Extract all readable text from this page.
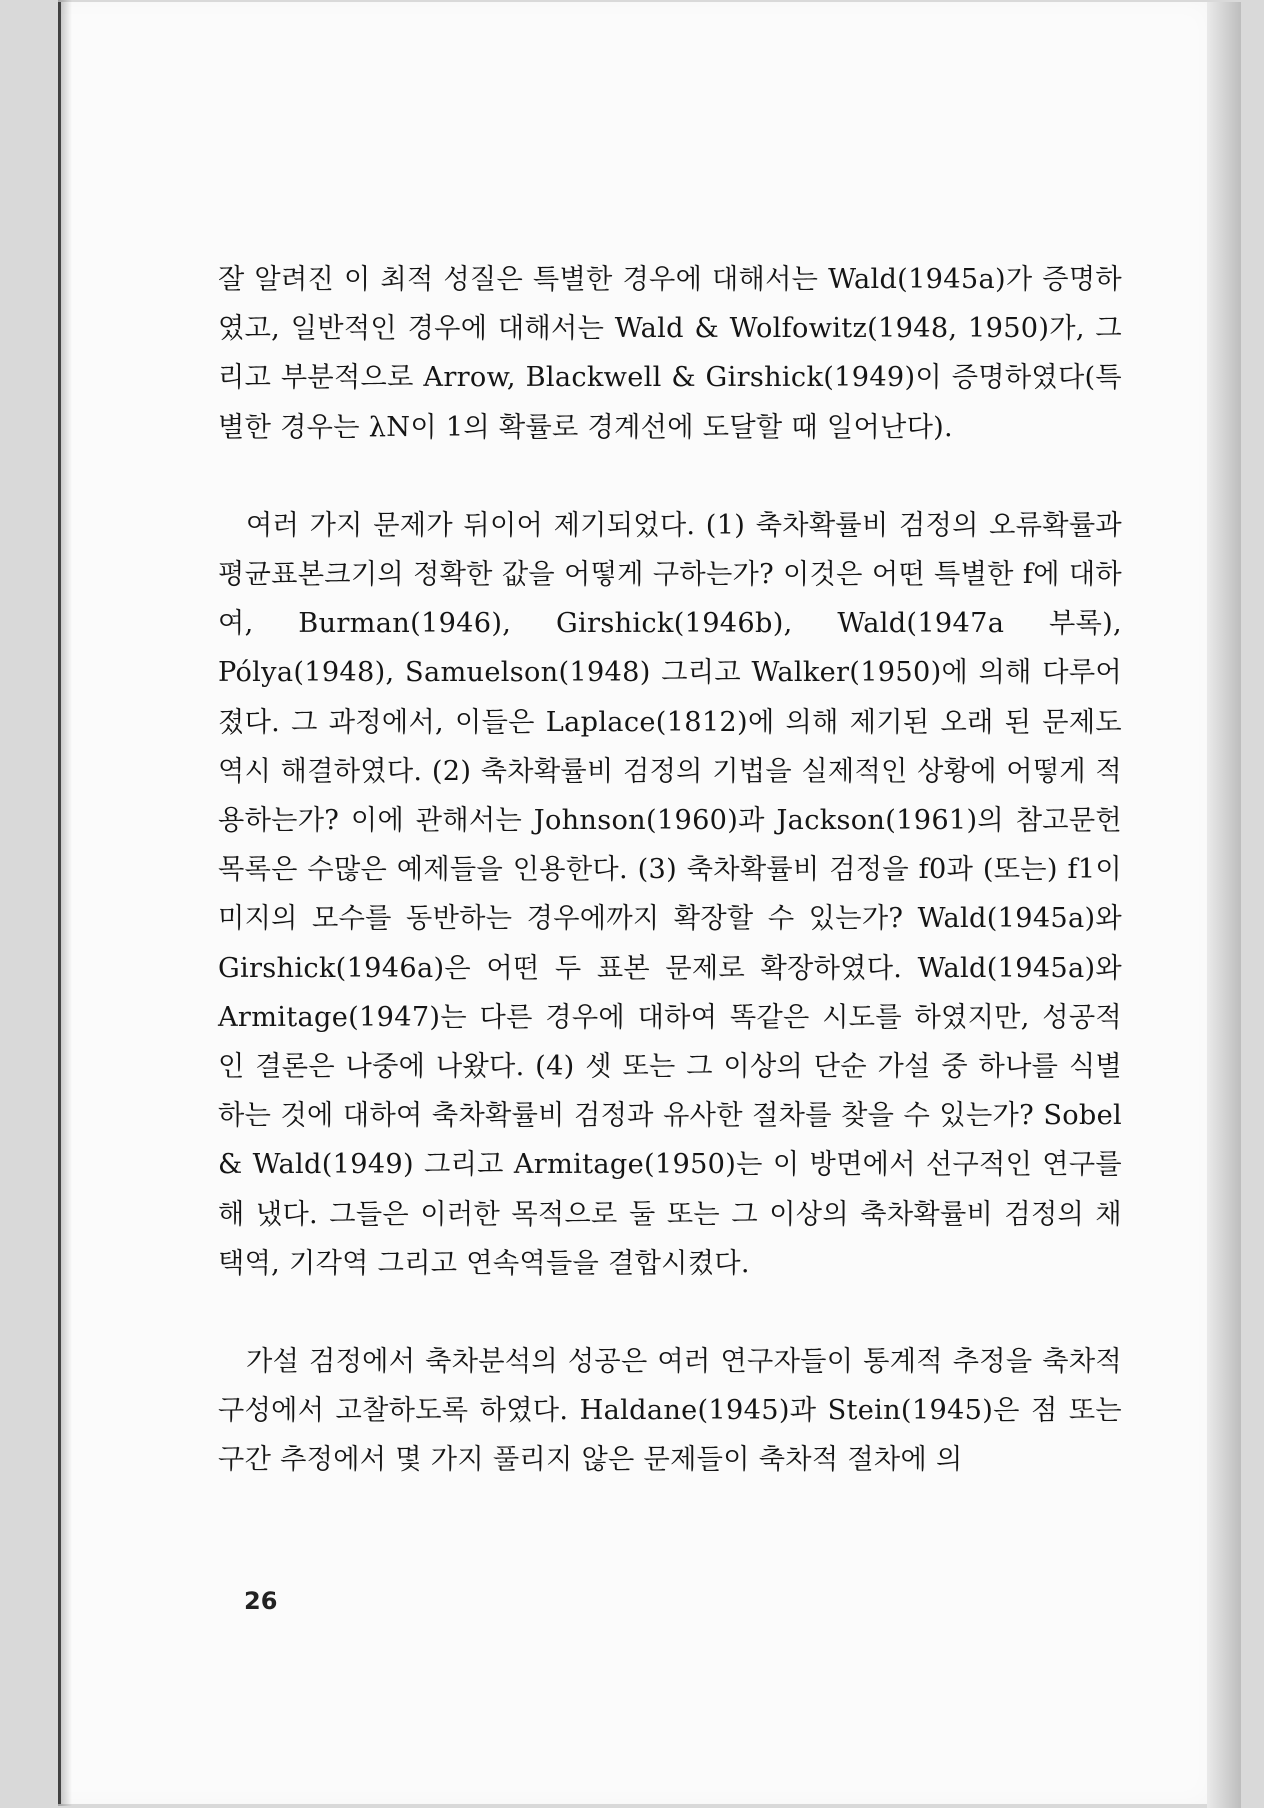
잘 알려진 이 최적 성질은 특별한 경우에 대해서는 Wald(1945a)가 증명하였고, 일반적인 경우에 대해서는 Wald & Wolfowitz(1948, 1950)가, 그리고 부분적으로 Arrow, Blackwell & Girshick(1949)이 증명하였다(특별한 경우는 λN이 1의 확률로 경계선에 도달할 때 일어난다).

여러 가지 문제가 뒤이어 제기되었다. (1) 축차확률비 검정의 오류확률과 평균표본크기의 정확한 값을 어떻게 구하는가? 이것은 어떤 특별한 f에 대하여, Burman(1946), Girshick(1946b), Wald(1947a 부록), Pólya(1948), Samuelson(1948) 그리고 Walker(1950)에 의해 다루어졌다. 그 과정에서, 이들은 Laplace(1812)에 의해 제기된 오래 된 문제도 역시 해결하였다. (2) 축차확률비 검정의 기법을 실제적인 상황에 어떻게 적용하는가? 이에 관해서는 Johnson(1960)과 Jackson(1961)의 참고문헌 목록은 수많은 예제들을 인용한다. (3) 축차확률비 검정을 f0과 (또는) f1이 미지의 모수를 동반하는 경우에까지 확장할 수 있는가? Wald(1945a)와 Girshick(1946a)은 어떤 두 표본 문제로 확장하였다. Wald(1945a)와 Armitage(1947)는 다른 경우에 대하여 똑같은 시도를 하였지만, 성공적인 결론은 나중에 나왔다. (4) 셋 또는 그 이상의 단순 가설 중 하나를 식별하는 것에 대하여 축차확률비 검정과 유사한 절차를 찾을 수 있는가? Sobel & Wald(1949) 그리고 Armitage(1950)는 이 방면에서 선구적인 연구를 해 냈다. 그들은 이러한 목적으로 둘 또는 그 이상의 축차확률비 검정의 채택역, 기각역 그리고 연속역들을 결합시켰다.

가설 검정에서 축차분석의 성공은 여러 연구자들이 통계적 추정을 축차적 구성에서 고찰하도록 하였다. Haldane(1945)과 Stein(1945)은 점 또는 구간 추정에서 몇 가지 풀리지 않은 문제들이 축차적 절차에 의

26
